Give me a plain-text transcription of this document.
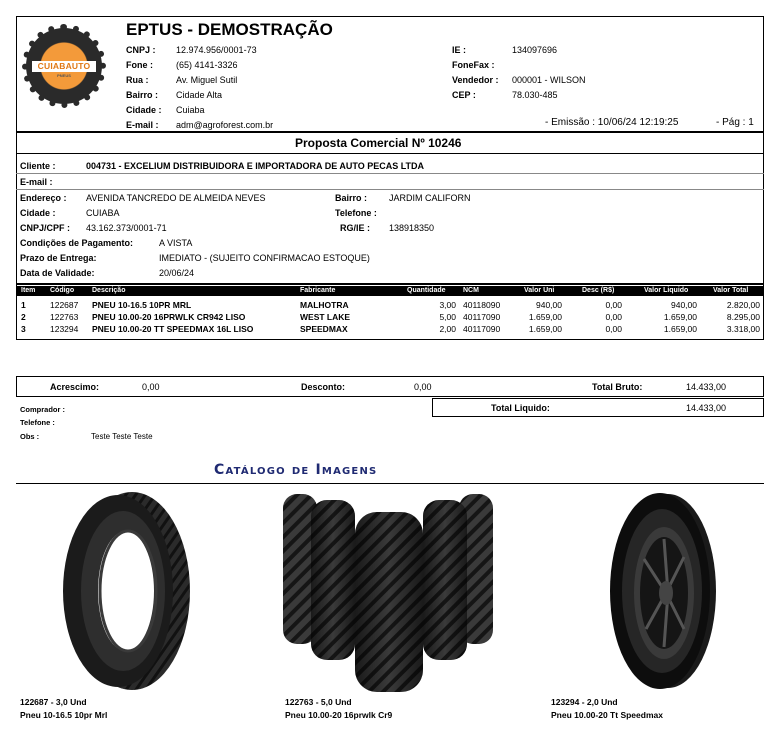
CUIABAUTO
PNEUS
EPTUS - DEMOSTRAÇÃO
CNPJ : 12.974.956/0001-73
Fone :	(65) 4141-3326
Rua :	Av. Miguel Sutil
Bairro : Cidade Alta
Cidade : Cuiaba
E-mail : adm@agroforest.com.br
IE :	134097696
FoneFax :
Vendedor : 000001 - WILSON
CEP :	78.030-485
- Emissão : 10/06/24 12:19:25	- Pág : 1
Proposta Comercial Nº 10246
Cliente :	004731 - EXCELIUM DISTRIBUIDORA E IMPORTADORA DE AUTO PECAS LTDA
E-mail :
Endereço : AVENIDA TANCREDO DE ALMEIDA NEVES	Bairro : JARDIM CALIFORN
Cidade :	CUIABA	Telefone :
CNPJ/CPF : 43.162.373/0001-71	RG/IE : 138918350
Condições de Pagamento:	A VISTA
Prazo de Entrega:	IMEDIATO - (SUJEITO CONFIRMACAO ESTOQUE)
Data de Validade:	20/06/24
Item Código	Descrição	Fabricante	Quantidade NCM	Valor Uni	Desc (R$)	Valor Liquido	Valor Total
1	122687 PNEU 10-16.5 10PR MRL	MALHOTRA	3,00 40118090	940,00	0,00	940,00	2.820,00
2	122763 PNEU 10.00-20 16PRWLK CR942 LISO	WEST LAKE	5,00 40117090	1.659,00	0,00	1.659,00	8.295,00
3	123294 PNEU 10.00-20 TT SPEEDMAX 16L LISO	SPEEDMAX	2,00 40117090	1.659,00	0,00	1.659,00	3.318,00
Acrescimo:	0,00	Desconto:	0,00	Total Bruto:	14.433,00
Total Liquido:	14.433,00
Comprador :
Telefone :
Obs :	Teste Teste Teste
Catálogo de Imagens
122687 - 3,0 Und
Pneu 10-16.5 10pr Mrl
122763 - 5,0 Und
Pneu 10.00-20 16prwlk Cr9
123294 - 2,0 Und
Pneu 10.00-20 Tt Speedmax
